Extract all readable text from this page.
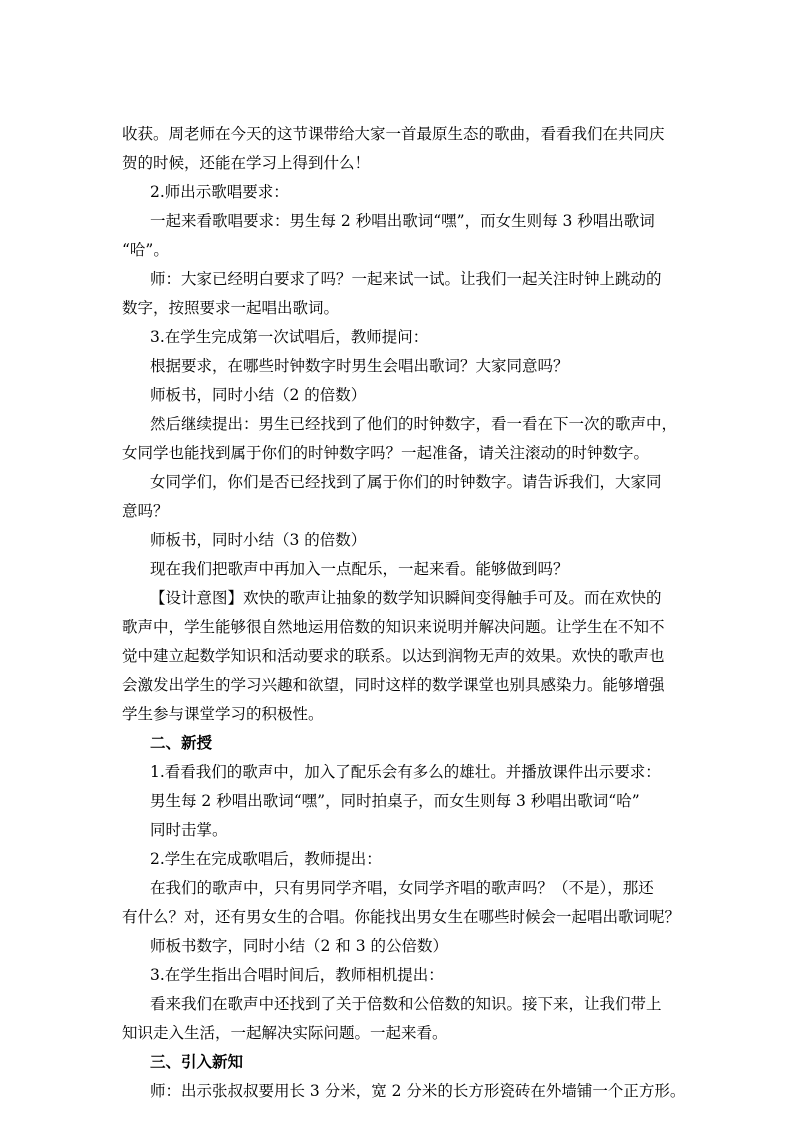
收获。周老师在今天的这节课带给大家一首最原生态的歌曲，看看我们在共同庆
贺的时候，还能在学习上得到什么！
2.师出示歌唱要求：
一起来看歌唱要求：男生每 2 秒唱出歌词“嘿”，而女生则每 3 秒唱出歌词
“哈”。
师：大家已经明白要求了吗？一起来试一试。让我们一起关注时钟上跳动的
数字，按照要求一起唱出歌词。
3.在学生完成第一次试唱后，教师提问：
根据要求，在哪些时钟数字时男生会唱出歌词？大家同意吗？
师板书，同时小结（2 的倍数）
然后继续提出：男生已经找到了他们的时钟数字，看一看在下一次的歌声中，
女同学也能找到属于你们的时钟数字吗？一起准备，请关注滚动的时钟数字。
女同学们，你们是否已经找到了属于你们的时钟数字。请告诉我们，大家同
意吗？
师板书，同时小结（3 的倍数）
现在我们把歌声中再加入一点配乐，一起来看。能够做到吗？
【设计意图】欢快的歌声让抽象的数学知识瞬间变得触手可及。而在欢快的
歌声中，学生能够很自然地运用倍数的知识来说明并解决问题。让学生在不知不
觉中建立起数学知识和活动要求的联系。以达到润物无声的效果。欢快的歌声也
会激发出学生的学习兴趣和欲望，同时这样的数学课堂也别具感染力。能够增强
学生参与课堂学习的积极性。
二、新授
1.看看我们的歌声中，加入了配乐会有多么的雄壮。并播放课件出示要求：
男生每 2 秒唱出歌词“嘿”，同时拍桌子，而女生则每 3 秒唱出歌词“哈”
同时击掌。
2.学生在完成歌唱后，教师提出：
在我们的歌声中，只有男同学齐唱，女同学齐唱的歌声吗？（不是），那还
有什么？对，还有男女生的合唱。你能找出男女生在哪些时候会一起唱出歌词呢？
师板书数字，同时小结（2 和 3 的公倍数）
3.在学生指出合唱时间后，教师相机提出：
看来我们在歌声中还找到了关于倍数和公倍数的知识。接下来，让我们带上
知识走入生活，一起解决实际问题。一起来看。
三、引入新知
师：出示张叔叔要用长 3 分米，宽 2 分米的长方形瓷砖在外墙铺一个正方形。
